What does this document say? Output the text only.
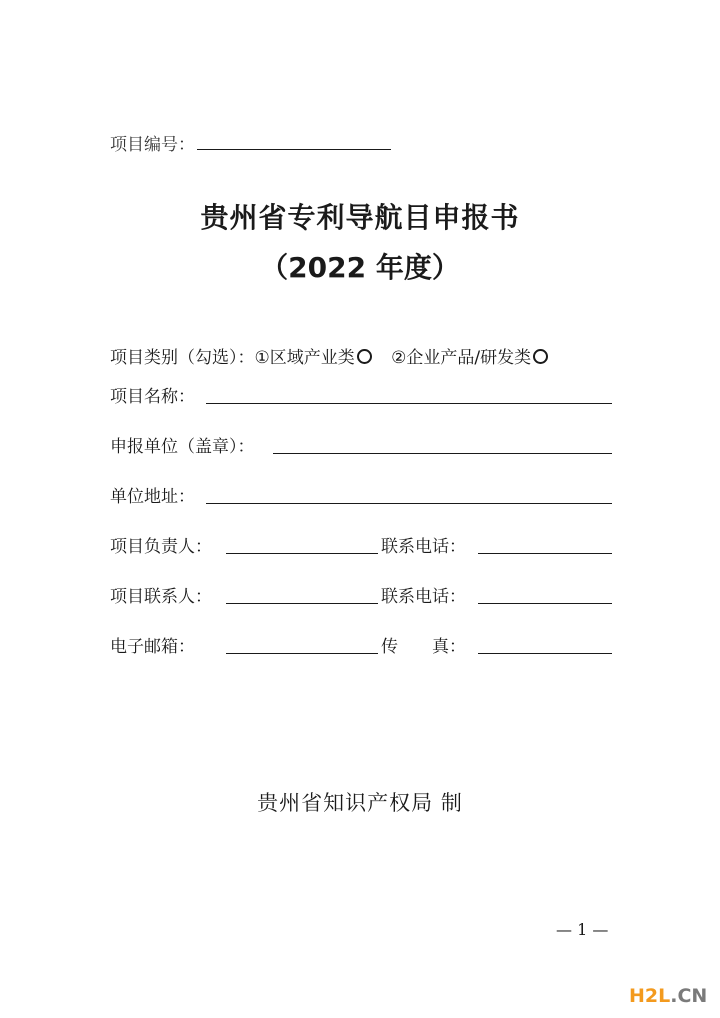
项目编号：
贵州省专利导航目申报书
（2022 年度）
项目类别（勾选）：①区域产业类 ②企业产品/研发类
项目名称：
申报单位（盖章）：
单位地址：
项目负责人：	联系电话：
项目联系人：	联系电话：
电子邮箱：	传　　真：
贵州省知识产权局 制
— 1 —
H2L.CN
